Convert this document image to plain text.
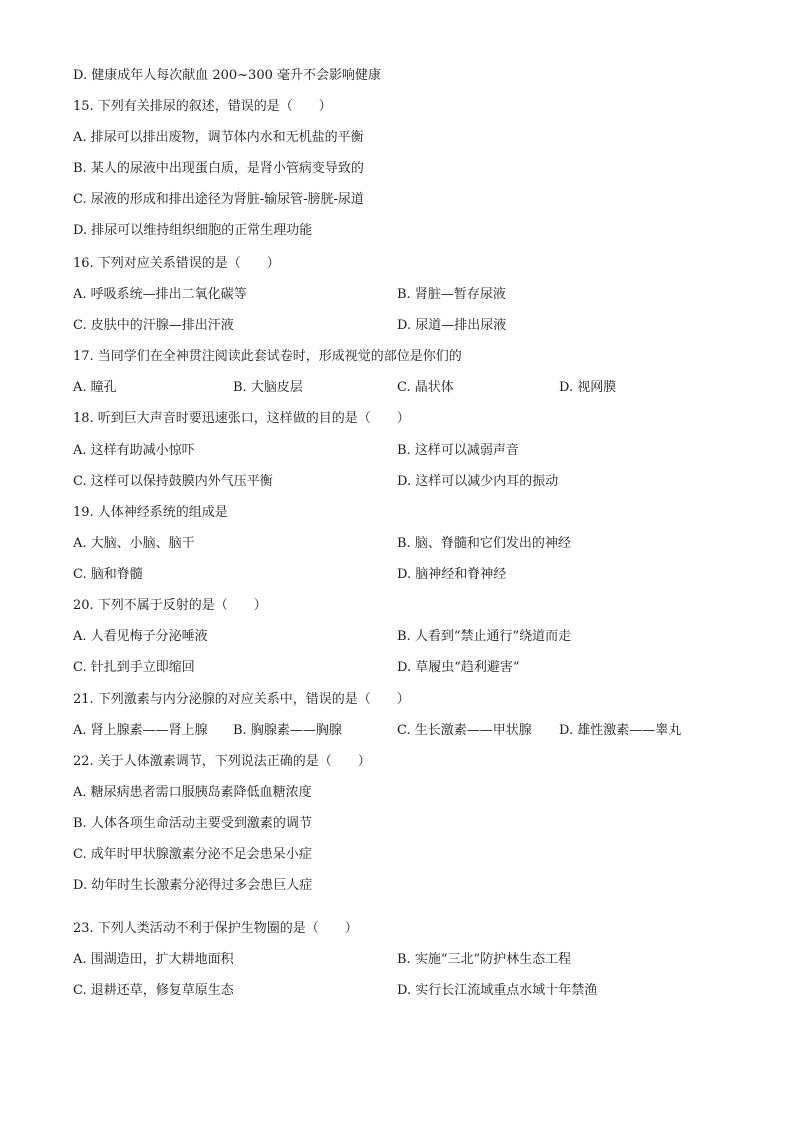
D. 健康成年人每次献血 200~300 毫升不会影响健康
15. 下列有关排尿的叙述，错误的是（　　）
A. 排尿可以排出废物，调节体内水和无机盐的平衡
B. 某人的尿液中出现蛋白质，是肾小管病变导致的
C. 尿液的形成和排出途径为肾脏-输尿管-膀胱-尿道
D. 排尿可以维持组织细胞的正常生理功能
16. 下列对应关系错误的是（　　）
A. 呼吸系统—排出二氧化碳等	B. 肾脏—暂存尿液
C. 皮肤中的汗腺—排出汗液	D. 尿道—排出尿液
17. 当同学们在全神贯注阅读此套试卷时，形成视觉的部位是你们的
A. 瞳孔	B. 大脑皮层	C. 晶状体	D. 视网膜
18. 听到巨大声音时要迅速张口，这样做的目的是（　　）
A. 这样有助减小惊吓	B. 这样可以减弱声音
C. 这样可以保持鼓膜内外气压平衡	D. 这样可以减少内耳的振动
19. 人体神经系统的组成是
A. 大脑、小脑、脑干	B. 脑、脊髓和它们发出的神经
C. 脑和脊髓	D. 脑神经和脊神经
20. 下列不属于反射的是（　　）
A. 人看见梅子分泌唾液	B. 人看到“禁止通行”绕道而走
C. 针扎到手立即缩回	D. 草履虫“趋利避害”
21. 下列激素与内分泌腺的对应关系中，错误的是（　　）
A. 肾上腺素——肾上腺 B. 胸腺素——胸腺	C. 生长激素——甲状腺 D. 雄性激素——睾丸
22. 关于人体激素调节，下列说法正确的是（　　）
A. 糖尿病患者需口服胰岛素降低血糖浓度
B. 人体各项生命活动主要受到激素的调节
C. 成年时甲状腺激素分泌不足会患呆小症
D. 幼年时生长激素分泌得过多会患巨人症
23. 下列人类活动不利于保护生物圈的是（　　）
A. 围湖造田，扩大耕地面积	B. 实施“三北”防护林生态工程
C. 退耕还草，修复草原生态	D. 实行长江流域重点水域十年禁渔
